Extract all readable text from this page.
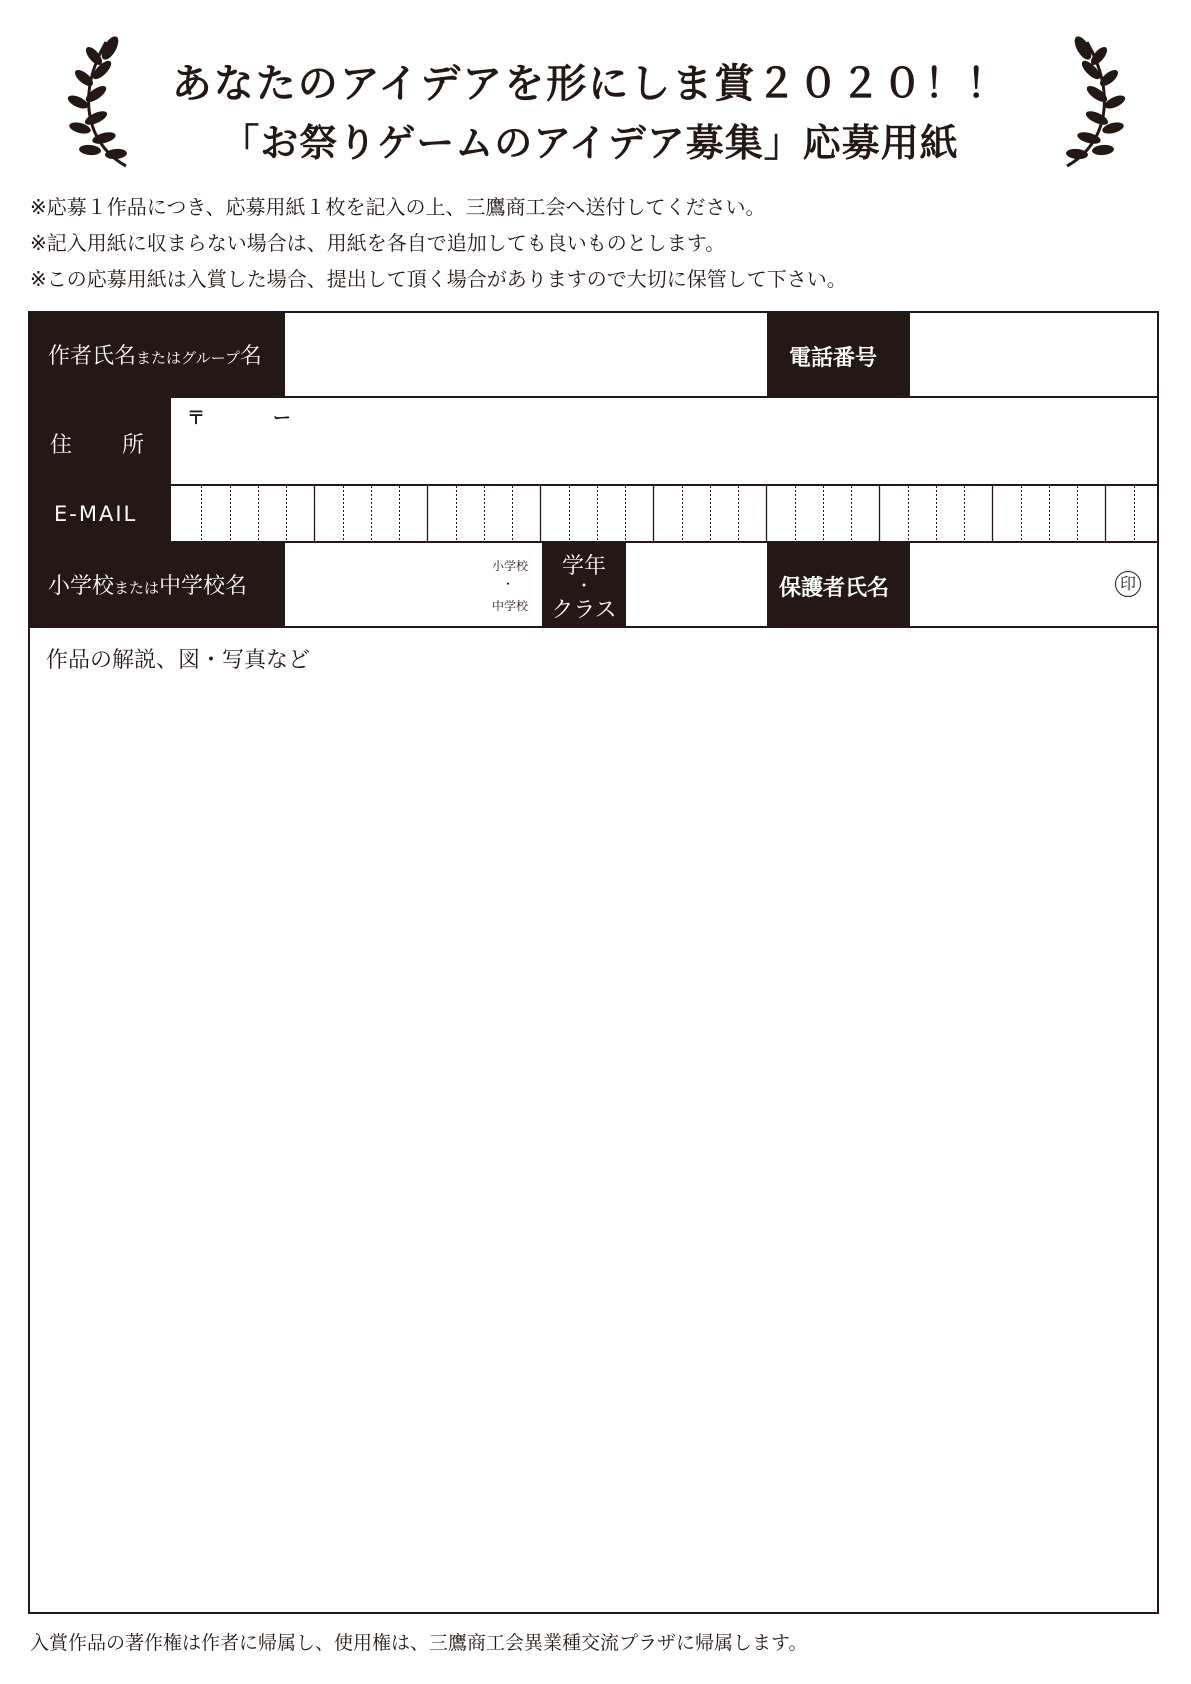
あなたのアイデアを形にしま賞２０２０！！
「お祭りゲームのアイデア募集」応募用紙
※応募１作品につき、応募用紙１枚を記入の上、三鷹商工会へ送付してください。
※記入用紙に収まらない場合は、用紙を各自で追加しても良いものとします。
※この応募用紙は入賞した場合、提出して頂く場合がありますので大切に保管して下さい。
作者氏名またはグループ名	電話番号
住 所
〒	ー
E-MAIL
小学校または中学校名
小学校
・
中学校
学年
・
クラス
保護者氏名	印
作品の解説、図・写真など
入賞作品の著作権は作者に帰属し、使用権は、三鷹商工会異業種交流プラザに帰属します。
